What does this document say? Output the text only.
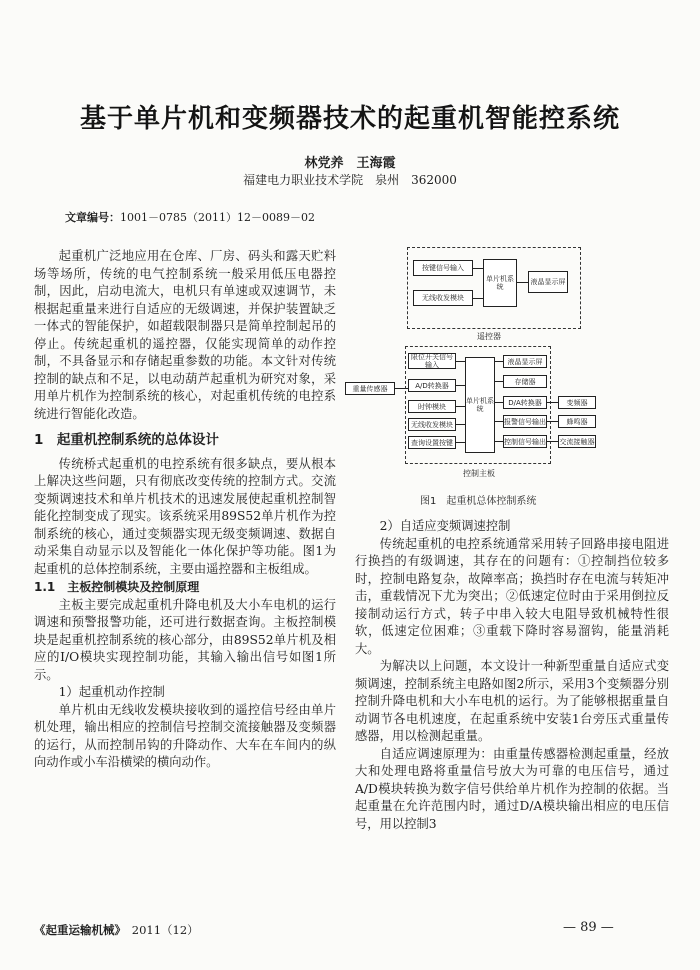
基于单片机和变频器技术的起重机智能控系统
林党养　王海霞
福建电力职业技术学院　泉州　362000
文章编号：1001－0785（2011）12－0089－02

起重机广泛地应用在仓库、厂房、码头和露天贮料场等场所，传统的电气控制系统一般采用低压电器控制，因此，启动电流大，电机只有单速或双速调节，未根据起重量来进行自适应的无级调速，并保护装置缺乏一体式的智能保护，如超载限制器只是简单控制起吊的停止。传统起重机的遥控器，仅能实现简单的动作控制，不具备显示和存储起重参数的功能。本文针对传统控制的缺点和不足，以电动葫芦起重机为研究对象，采用单片机作为控制系统的核心，对起重机传统的电控系统进行智能化改造。

1　起重机控制系统的总体设计

传统桥式起重机的电控系统有很多缺点，要从根本上解决这些问题，只有彻底改变传统的控制方式。交流变频调速技术和单片机技术的迅速发展使起重机控制智能化控制变成了现实。该系统采用89S52单片机作为控制系统的核心，通过变频器实现无级变频调速、数据自动采集自动显示以及智能化一体化保护等功能。图1为起重机的总体控制系统，主要由遥控器和主板组成。

1.1　主板控制模块及控制原理

主板主要完成起重机升降电机及大小车电机的运行调速和预警报警功能，还可进行数据查询。主板控制模块是起重机控制系统的核心部分，由89S52单片机及相应的I/O模块实现控制功能，其输入输出信号如图1所示。

1）起重机动作控制

单片机由无线收发模块接收到的遥控信号经由单片机处理，输出相应的控制信号控制交流接触器及变频器的运行，从而控制吊钩的升降动作、大车在车间内的纵向动作或小车沿横梁的横向动作。

按键信号输入
无线收发模块
单片机系统
液晶显示屏
遥控器
重量传感器
限位开关信号输入
A/D转换器
时钟模块
无线收发模块
查询设置按键
单片机系统
液晶显示屏
存储器
D/A转换器
报警信号输出
控制信号输出
变频器
蜂鸣器
交流接触器
控制主板
图1　起重机总体控制系统

2）自适应变频调速控制

传统起重机的电控系统通常采用转子回路串接电阻进行换挡的有级调速，其存在的问题有：①控制挡位较多时，控制电路复杂，故障率高；换挡时存在电流与转矩冲击，重载情况下尤为突出；②低速定位时由于采用倒拉反接制动运行方式，转子中串入较大电阻导致机械特性很软，低速定位困难；③重载下降时容易溜钩，能量消耗大。

为解决以上问题，本文设计一种新型重量自适应式变频调速，控制系统主电路如图2所示，采用3个变频器分别控制升降电机和大小车电机的运行。为了能够根据重量自动调节各电机速度，在起重系统中安装1台旁压式重量传感器，用以检测起重量。

自适应调速原理为：由重量传感器检测起重量，经放大和处理电路将重量信号放大为可靠的电压信号，通过A/D模块转换为数字信号供给单片机作为控制的依据。当起重量在允许范围内时，通过D/A模块输出相应的电压信号，用以控制3

《起重运输机械》　 2011（12）	— 89 —
